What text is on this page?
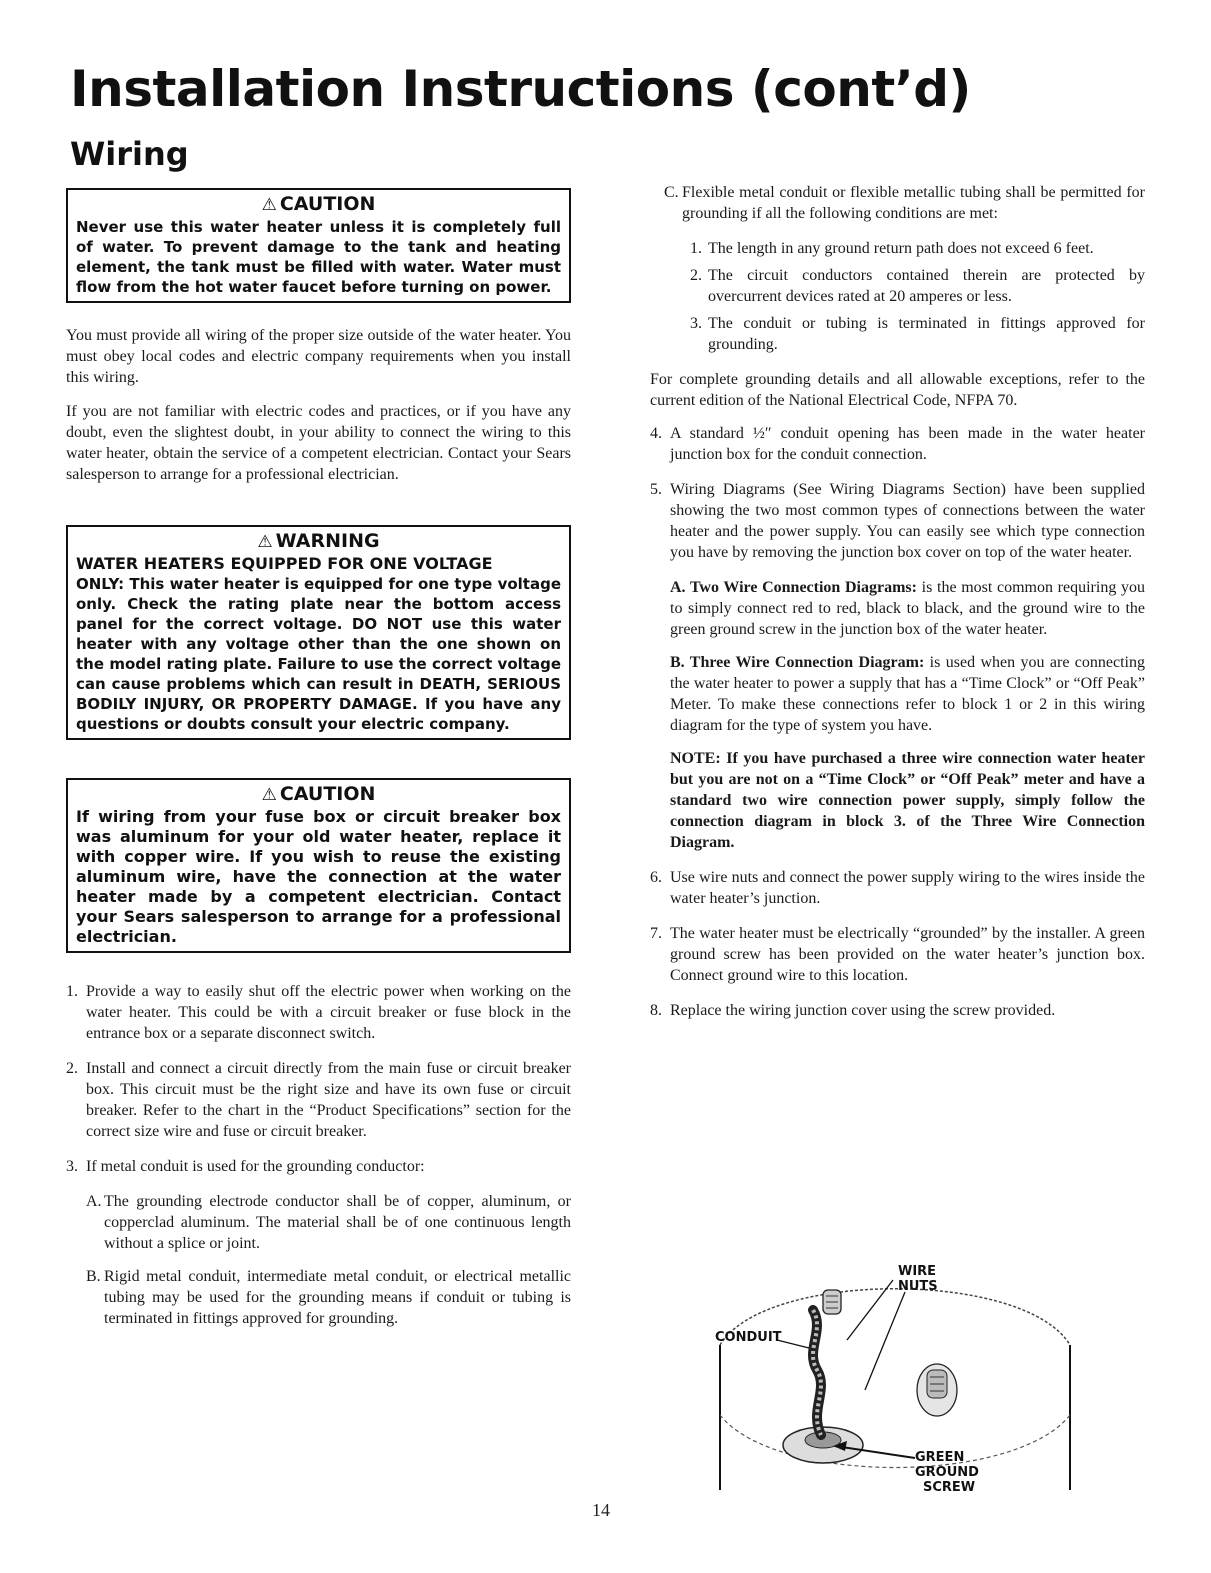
Installation Instructions (cont’d)
Wiring
⚠ CAUTION
Never use this water heater unless it is completely full of water. To prevent damage to the tank and heating element, the tank must be filled with water. Water must flow from the hot water faucet before turning on power.

You must provide all wiring of the proper size outside of the water heater. You must obey local codes and electric company requirements when you install this wiring.

If you are not familiar with electric codes and practices, or if you have any doubt, even the slightest doubt, in your ability to connect the wiring to this water heater, obtain the service of a competent electrician. Contact your Sears salesperson to arrange for a professional electrician.

⚠ WARNING
WATER HEATERS EQUIPPED FOR ONE VOLTAGE
ONLY: This water heater is equipped for one type voltage only. Check the rating plate near the bottom access panel for the correct voltage. DO NOT use this water heater with any voltage other than the one shown on the model rating plate. Failure to use the correct voltage can cause problems which can result in DEATH, SERIOUS BODILY INJURY, OR PROPERTY DAMAGE. If you have any questions or doubts consult your electric company.
⚠ CAUTION
If wiring from your fuse box or circuit breaker box was aluminum for your old water heater, replace it with copper wire. If you wish to reuse the existing aluminum wire, have the connection at the water heater made by a competent electrician. Contact your Sears salesperson to arrange for a professional electrician.
1. Provide a way to easily shut off the electric power when working on the water heater. This could be with a circuit breaker or fuse block in the entrance box or a separate disconnect switch.
2. Install and connect a circuit directly from the main fuse or circuit breaker box. This circuit must be the right size and have its own fuse or circuit breaker. Refer to the chart in the “Product Specifications” section for the correct size wire and fuse or circuit breaker.
3. If metal conduit is used for the grounding conductor:
A. The grounding electrode conductor shall be of copper, aluminum, or copperclad aluminum. The material shall be of one continuous length without a splice or joint.
B. Rigid metal conduit, intermediate metal conduit, or electrical metallic tubing may be used for the grounding means if conduit or tubing is terminated in fittings approved for grounding.
C. Flexible metal conduit or flexible metallic tubing shall be permitted for grounding if all the following conditions are met:
1. The length in any ground return path does not exceed 6 feet.
2. The circuit conductors contained therein are protected by overcurrent devices rated at 20 amperes or less.
3. The conduit or tubing is terminated in fittings approved for grounding.

For complete grounding details and all allowable exceptions, refer to the current edition of the National Electrical Code, NFPA 70.

4. A standard ½″ conduit opening has been made in the water heater junction box for the conduit connection.
5. Wiring Diagrams (See Wiring Diagrams Section) have been supplied showing the two most common types of connections between the water heater and the power supply. You can easily see which type connection you have by removing the junction box cover on top of the water heater.

A. Two Wire Connection Diagrams: is the most common requiring you to simply connect red to red, black to black, and the ground wire to the green ground screw in the junction box of the water heater.

B. Three Wire Connection Diagram: is used when you are connecting the water heater to power a supply that has a “Time Clock” or “Off Peak” Meter. To make these connections refer to block 1 or 2 in this wiring diagram for the type of system you have.

NOTE: If you have purchased a three wire connection water heater but you are not on a “Time Clock” or “Off Peak” meter and have a standard two wire connection power supply, simply follow the connection diagram in block 3. of the Three Wire Connection Diagram.

6. Use wire nuts and connect the power supply wiring to the wires inside the water heater’s junction.
7. The water heater must be electrically “grounded” by the installer. A green ground screw has been provided on the water heater’s junction box. Connect ground wire to this location.
8. Replace the wiring junction cover using the screw provided.
WIRE
NUTS
CONDUIT
GREEN
GROUND
SCREW
14
